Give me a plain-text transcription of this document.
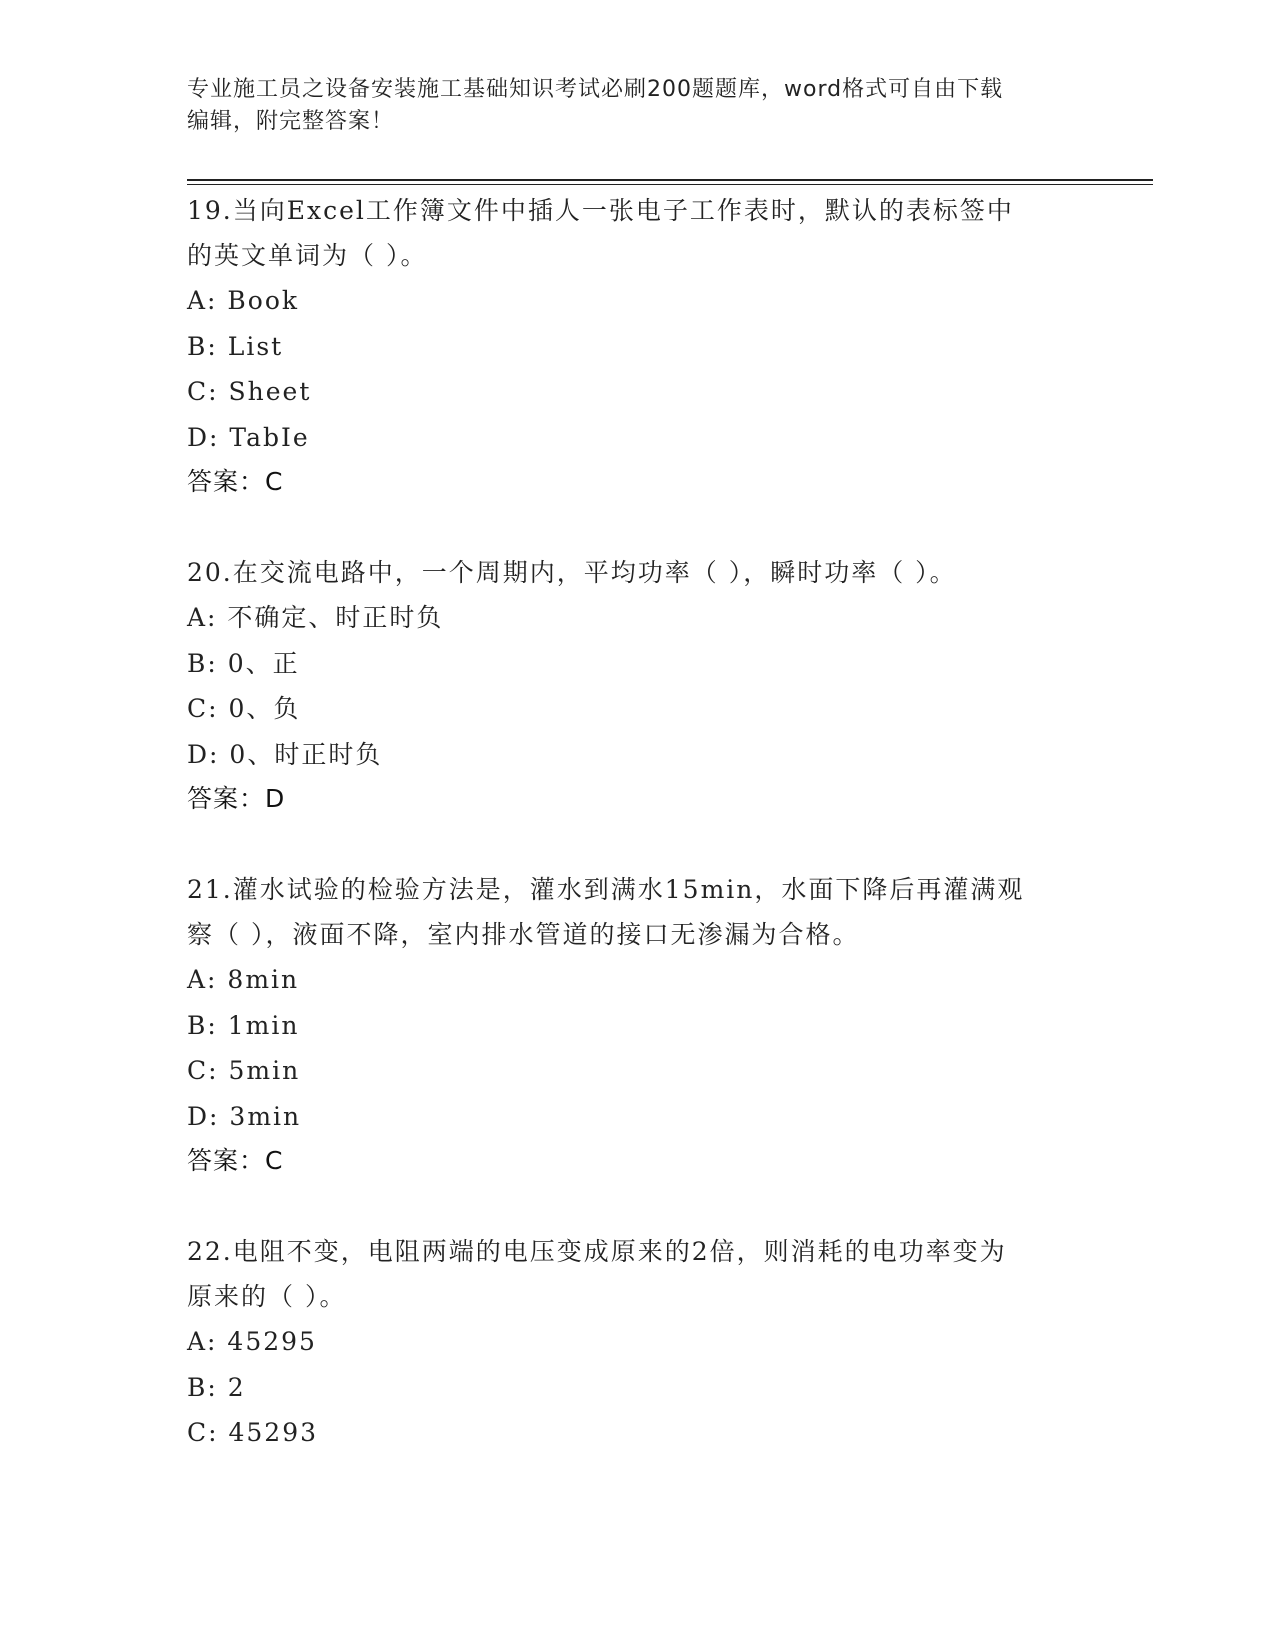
专业施工员之设备安装施工基础知识考试必刷200题题库，word格式可自由下载
编辑，附完整答案！
19.当向Excel工作簿文件中插人一张电子工作表时，默认的表标签中
的英文单词为（ ）。
A: Book
B: List
C: Sheet
D: TabIe
答案：C
20.在交流电路中，一个周期内，平均功率（ ），瞬时功率（ ）。
A: 不确定、时正时负
B: 0、正
C: 0、负
D: 0、时正时负
答案：D
21.灌水试验的检验方法是，灌水到满水15min，水面下降后再灌满观
察（ ），液面不降，室内排水管道的接口无渗漏为合格。
A: 8min
B: 1min
C: 5min
D: 3min
答案：C
22.电阻不变，电阻两端的电压变成原来的2倍，则消耗的电功率变为
原来的（ ）。
A: 45295
B: 2
C: 45293
